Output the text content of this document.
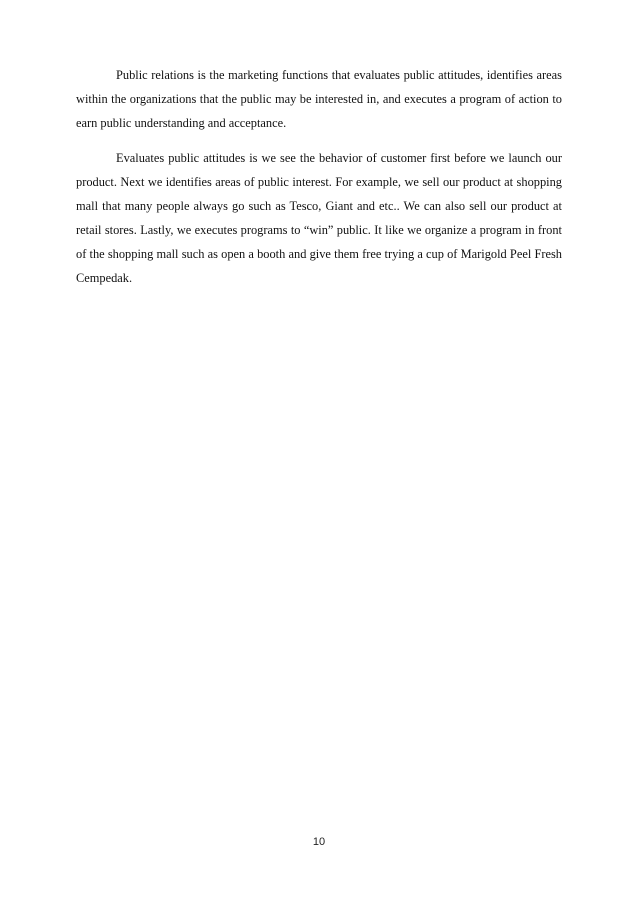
Public relations is the marketing functions that evaluates public attitudes, identifies areas within the organizations that the public may be interested in, and executes a program of action to earn public understanding and acceptance.

Evaluates public attitudes is we see the behavior of customer first before we launch our product. Next we identifies areas of public interest. For example, we sell our product at shopping mall that many people always go such as Tesco, Giant and etc.. We can also sell our product at retail stores. Lastly, we executes programs to “win” public. It like we organize a program in front of the shopping mall such as open a booth and give them free trying a cup of Marigold Peel Fresh Cempedak.

10
